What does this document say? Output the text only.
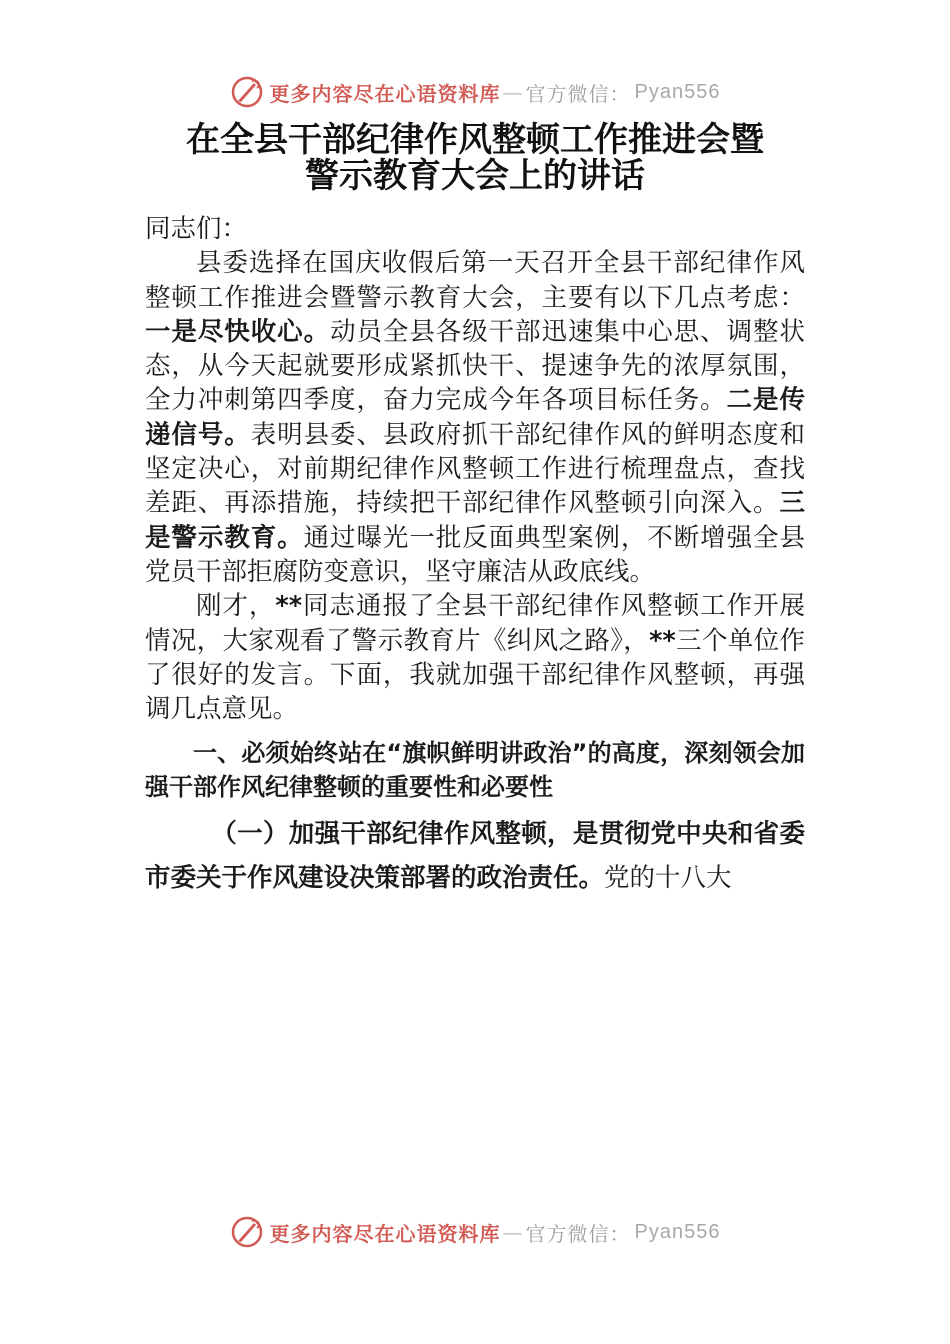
更多内容尽在心语资料库 — 官方微信： Pyan556
在全县干部纪律作风整顿工作推进会暨
警示教育大会上的讲话

同志们：

县委选择在国庆收假后第一天召开全县干部纪律作风整顿工作推进会暨警示教育大会，主要有以下几点考虑：一是尽快收心。动员全县各级干部迅速集中心思、调整状态，从今天起就要形成紧抓快干、提速争先的浓厚氛围，全力冲刺第四季度，奋力完成今年各项目标任务。二是传递信号。表明县委、县政府抓干部纪律作风的鲜明态度和坚定决心，对前期纪律作风整顿工作进行梳理盘点，查找差距、再添措施，持续把干部纪律作风整顿引向深入。三是警示教育。通过曝光一批反面典型案例，不断增强全县党员干部拒腐防变意识，坚守廉洁从政底线。

刚才，**同志通报了全县干部纪律作风整顿工作开展情况，大家观看了警示教育片《纠风之路》，**三个单位作了很好的发言。下面，我就加强干部纪律作风整顿，再强调几点意见。

一、必须始终站在“旗帜鲜明讲政治”的高度，深刻领会加强干部作风纪律整顿的重要性和必要性

（一）加强干部纪律作风整顿，是贯彻党中央和省委市委关于作风建设决策部署的政治责任。党的十八大

更多内容尽在心语资料库 — 官方微信： Pyan556
